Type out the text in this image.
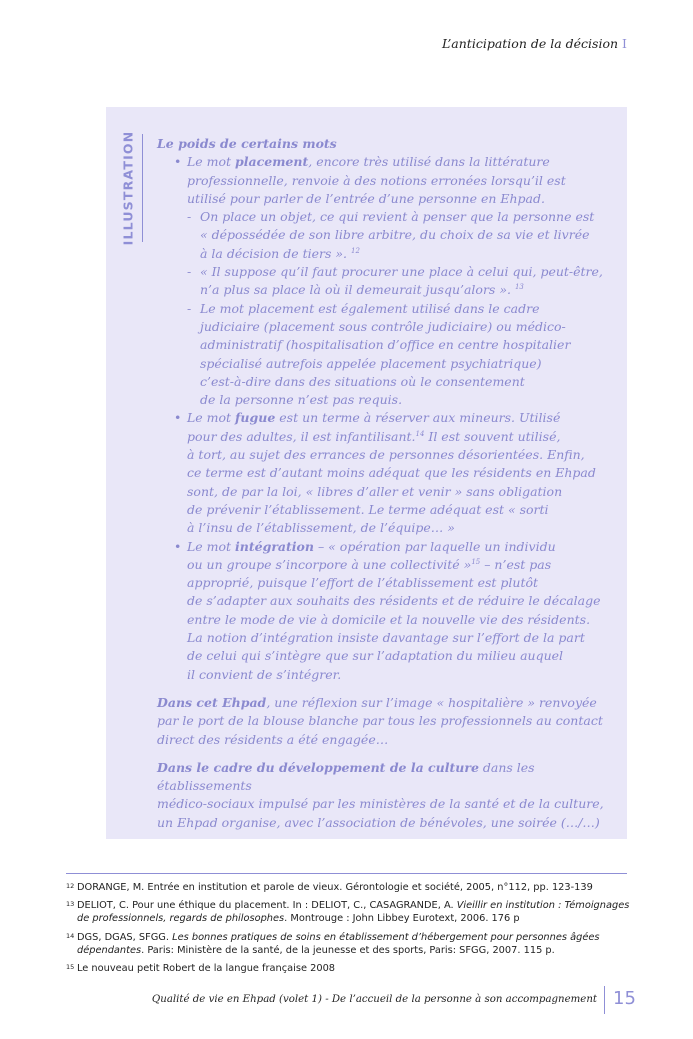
L’anticipation de la décision I
ILLUSTRATION Le poids de certains mots

• Le mot placement, encore très utilisé dans la littérature

professionnelle, renvoie à des notions erronées lorsqu’il est

utilisé pour parler de l’entrée d’une personne en Ehpad.

- On place un objet, ce qui revient à penser que la personne est

« dépossédée de son libre arbitre, du choix de sa vie et livrée

à la décision de tiers ». $^{12}$

- « Il suppose qu’il faut procurer une place à celui qui, peut-être,

n’a plus sa place là où il demeurait jusqu’alors ». $^{13}$

- Le mot placement est également utilisé dans le cadre

judiciaire (placement sous contrôle judiciaire) ou médico-

administratif (hospitalisation d’office en centre hospitalier

spécialisé autrefois appelée placement psychiatrique)

c’est-à-dire dans des situations où le consentement

de la personne n’est pas requis.

• Le mot fugue est un terme à réserver aux mineurs. Utilisé

pour des adultes, il est infantilisant.$^{14}$ Il est souvent utilisé,

à tort, au sujet des errances de personnes désorientées. Enfin,

ce terme est d’autant moins adéquat que les résidents en Ehpad

sont, de par la loi, « libres d’aller et venir » sans obligation

de prévenir l’établissement. Le terme adéquat est « sorti

à l’insu de l’établissement, de l’équipe… »

• Le mot intégration – « opération par laquelle un individu

ou un groupe s’incorpore à une collectivité »$^{15}$ – n’est pas

approprié, puisque l’effort de l’établissement est plutôt

de s’adapter aux souhaits des résidents et de réduire le décalage

entre le mode de vie à domicile et la nouvelle vie des résidents.

La notion d’intégration insiste davantage sur l’effort de la part

de celui qui s’intègre que sur l’adaptation du milieu auquel

il convient de s’intégrer.

Dans cet Ehpad, une réflexion sur l’image « hospitalière » renvoyée

par le port de la blouse blanche par tous les professionnels au contact

direct des résidents a été engagée…

Dans le cadre du développement de la culture dans les établissements

médico-sociaux impulsé par les ministères de la santé et de la culture,

un Ehpad organise, avec l’association de bénévoles, une soirée (…/…)

12 DORANGE, M. Entrée en institution et parole de vieux. Gérontologie et société, 2005, n°112, pp. 123-139

13 DELIOT, C. Pour une éthique du placement. In : DELIOT, C., CASAGRANDE, A. Vieillir en institution : Témoignages de professionnels, regards de philosophes. Montrouge : John Libbey Eurotext, 2006. 176 p

14 DGS, DGAS, SFGG. Les bonnes pratiques de soins en établissement d’hébergement pour personnes âgées dépendantes. Paris: Ministère de la santé, de la jeunesse et des sports, Paris: SFGG, 2007. 115 p.

15 Le nouveau petit Robert de la langue française 2008

Qualité de vie en Ehpad (volet 1) - De l’accueil de la personne à son accompagnement 15
